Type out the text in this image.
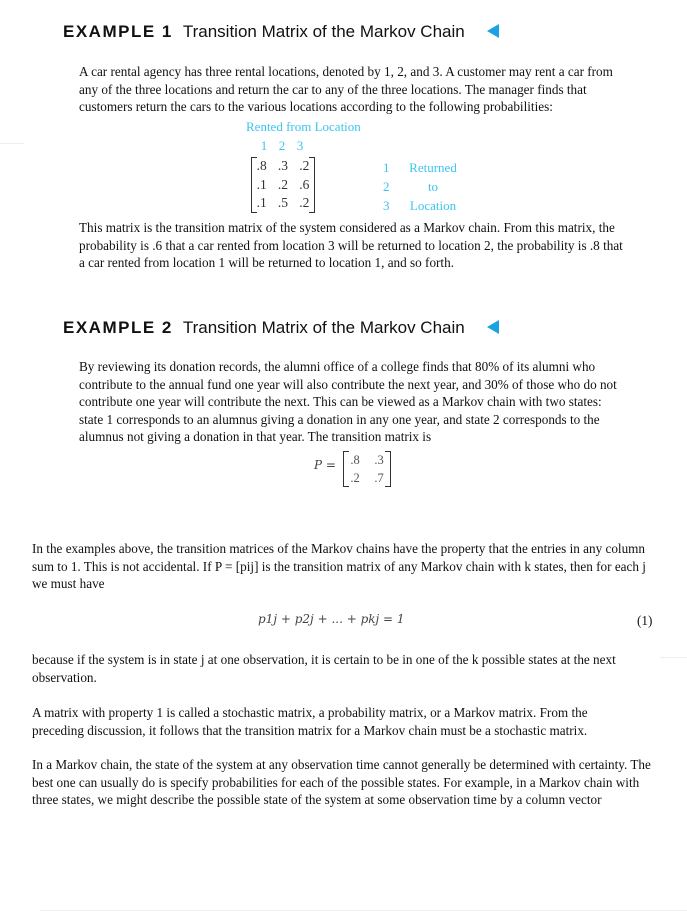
EXAMPLE 1 Transition Matrix of the Markov Chain
A car rental agency has three rental locations, denoted by 1, 2, and 3. A customer may rent a car from any of the three locations and return the car to any of the three locations. The manager finds that customers return the cars to the various locations according to the following probabilities:
Rented from Location
1 2 3
.8 .3 .2
.1 .2 .6
.1 .5 .2
1
2
3
Returned
to
Location
This matrix is the transition matrix of the system considered as a Markov chain. From this matrix, the probability is .6 that a car rented from location 3 will be returned to location 2, the probability is .8 that a car rented from location 1 will be returned to location 1, and so forth.
EXAMPLE 2 Transition Matrix of the Markov Chain
By reviewing its donation records, the alumni office of a college finds that 80% of its alumni who contribute to the annual fund one year will also contribute the next year, and 30% of those who do not contribute one year will contribute the next. This can be viewed as a Markov chain with two states: state 1 corresponds to an alumnus giving a donation in any one year, and state 2 corresponds to the alumnus not giving a donation in that year. The transition matrix is
P = .8 .3
.2 .7
In the examples above, the transition matrices of the Markov chains have the property that the entries in any column sum to 1. This is not accidental. If P = [pij] is the transition matrix of any Markov chain with k states, then for each j we must have
p1j + p2j + ... + pkj = 1	(1)
because if the system is in state j at one observation, it is certain to be in one of the k possible states at the next observation.
A matrix with property 1 is called a stochastic matrix, a probability matrix, or a Markov matrix. From the preceding discussion, it follows that the transition matrix for a Markov chain must be a stochastic matrix.
In a Markov chain, the state of the system at any observation time cannot generally be determined with certainty. The best one can usually do is specify probabilities for each of the possible states. For example, in a Markov chain with three states, we might describe the possible state of the system at some observation time by a column vector
